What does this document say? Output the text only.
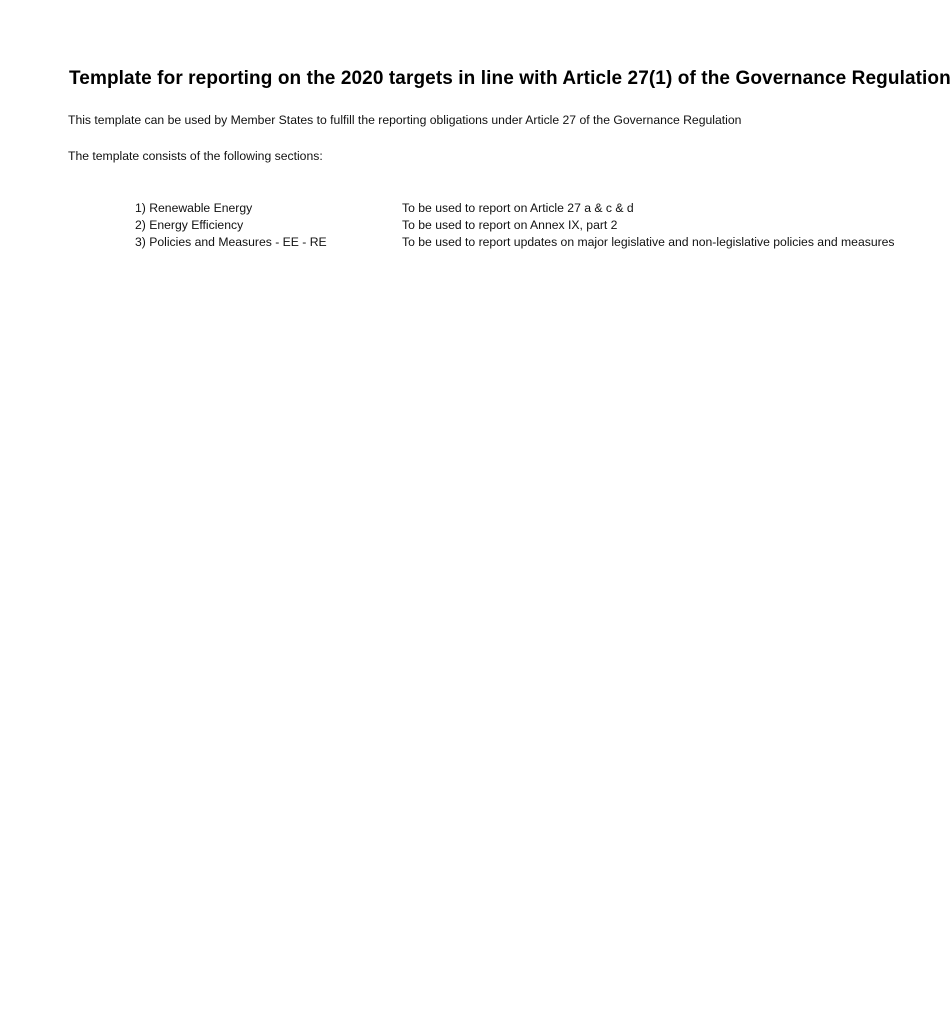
Template for reporting on the 2020 targets in line with Article 27(1) of the Governance Regulation
This template can be used by Member States to fulfill the reporting obligations under Article 27 of the Governance Regulation
The template consists of the following sections:
1) Renewable Energy	To be used to report on Article 27 a & c & d
2) Energy Efficiency	To be used to report on Annex IX, part 2
3) Policies and Measures - EE - RE	To be used to report updates on major legislative and non-legislative policies and measures
